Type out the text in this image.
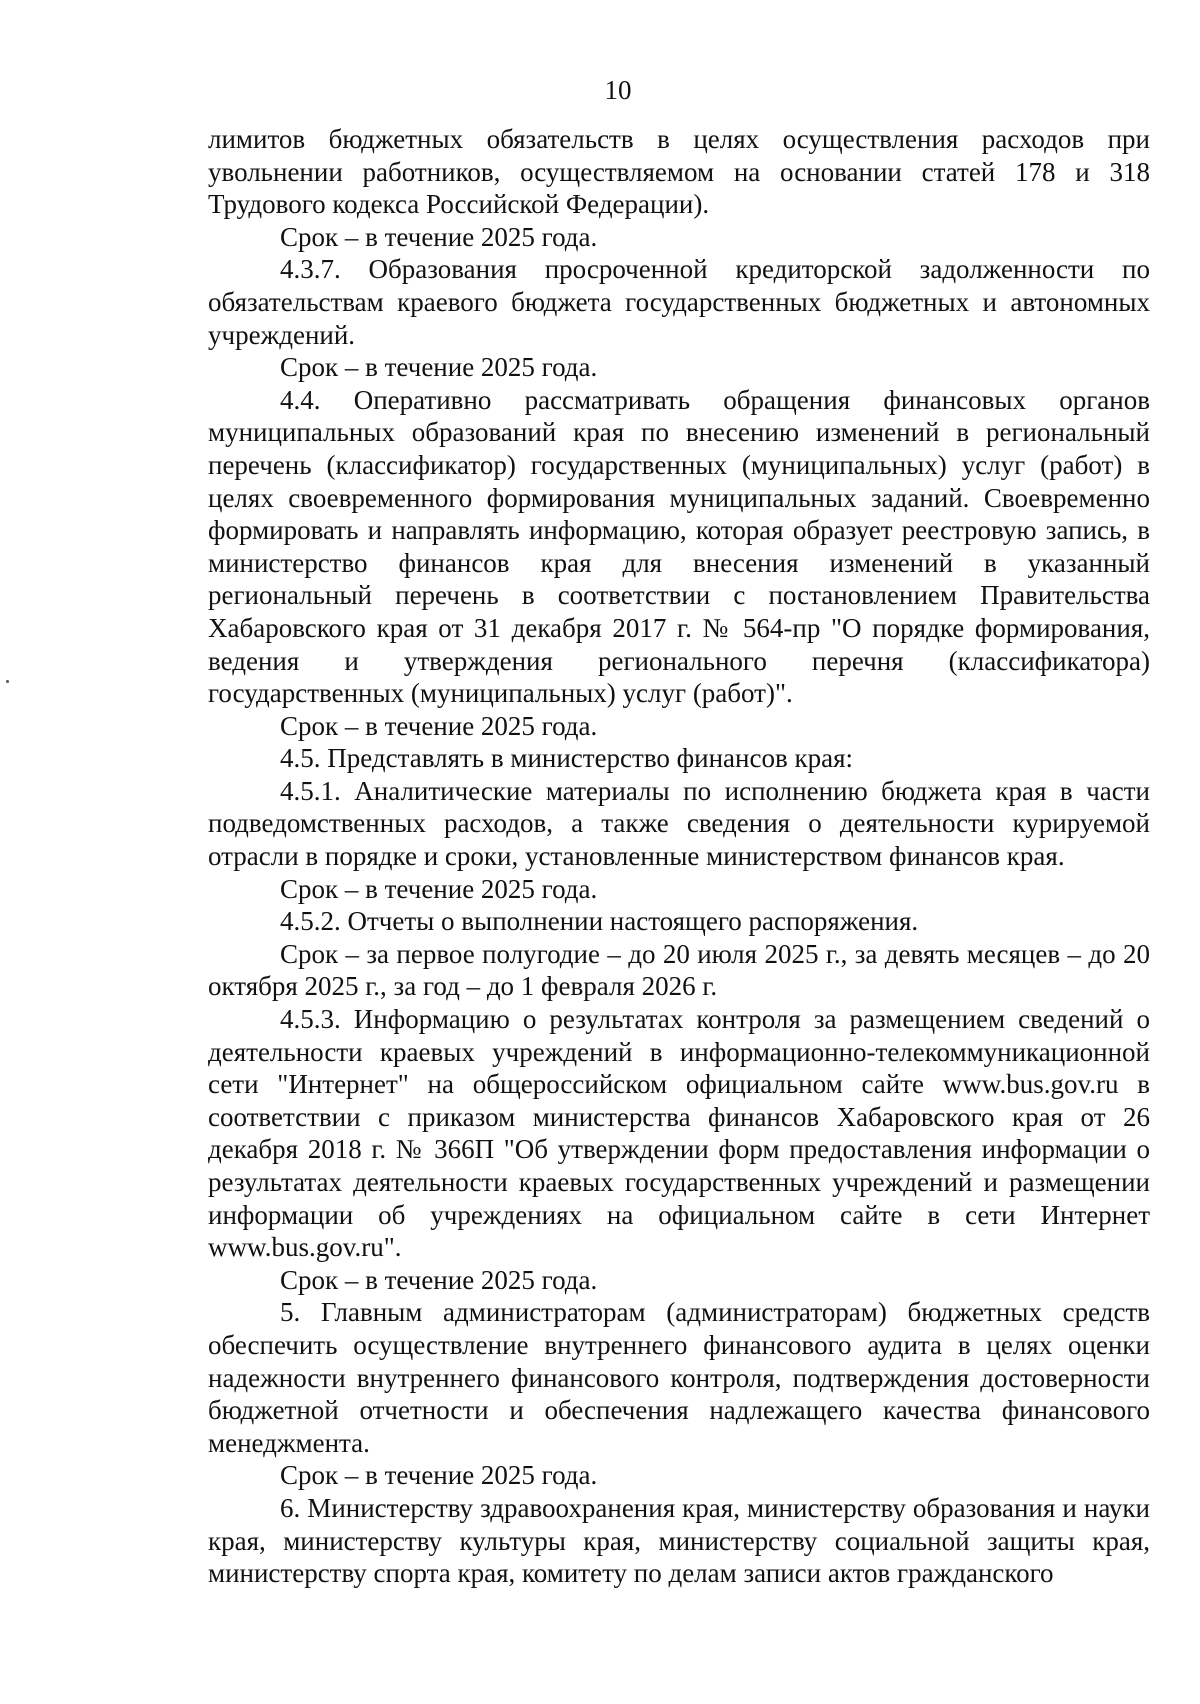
10

лимитов бюджетных обязательств в целях осуществления расходов при увольнении работников, осуществляемом на основании статей 178 и 318 Трудового кодекса Российской Федерации).

Срок – в течение 2025 года.

4.3.7. Образования просроченной кредиторской задолженности по обязательствам краевого бюджета государственных бюджетных и автономных учреждений.

Срок – в течение 2025 года.

4.4. Оперативно рассматривать обращения финансовых органов муниципальных образований края по внесению изменений в региональный перечень (классификатор) государственных (муниципальных) услуг (работ) в целях своевременного формирования муниципальных заданий. Своевременно формировать и направлять информацию, которая образует реестровую запись, в министерство финансов края для внесения изменений в указанный региональный перечень в соответствии с постановлением Правительства Хабаровского края от 31 декабря 2017 г. № 564-пр "О порядке формирования, ведения и утверждения регионального перечня (классификатора) государственных (муниципальных) услуг (работ)".

Срок – в течение 2025 года.

4.5. Представлять в министерство финансов края:

4.5.1. Аналитические материалы по исполнению бюджета края в части подведомственных расходов, а также сведения о деятельности курируемой отрасли в порядке и сроки, установленные министерством финансов края.

Срок – в течение 2025 года.

4.5.2. Отчеты о выполнении настоящего распоряжения.

Срок – за первое полугодие – до 20 июля 2025 г., за девять месяцев – до 20 октября 2025 г., за год – до 1 февраля 2026 г.

4.5.3. Информацию о результатах контроля за размещением сведений о деятельности краевых учреждений в информационно-телекоммуникационной сети "Интернет" на общероссийском официальном сайте www.bus.gov.ru в соответствии с приказом министерства финансов Хабаровского края от 26 декабря 2018 г. № 366П "Об утверждении форм предоставления информации о результатах деятельности краевых государственных учреждений и размещении информации об учреждениях на официальном сайте в сети Интернет www.bus.gov.ru".

Срок – в течение 2025 года.

5. Главным администраторам (администраторам) бюджетных средств обеспечить осуществление внутреннего финансового аудита в целях оценки надежности внутреннего финансового контроля, подтверждения достоверности бюджетной отчетности и обеспечения надлежащего качества финансового менеджмента.

Срок – в течение 2025 года.

6. Министерству здравоохранения края, министерству образования и науки края, министерству культуры края, министерству социальной защиты края, министерству спорта края, комитету по делам записи актов гражданского
